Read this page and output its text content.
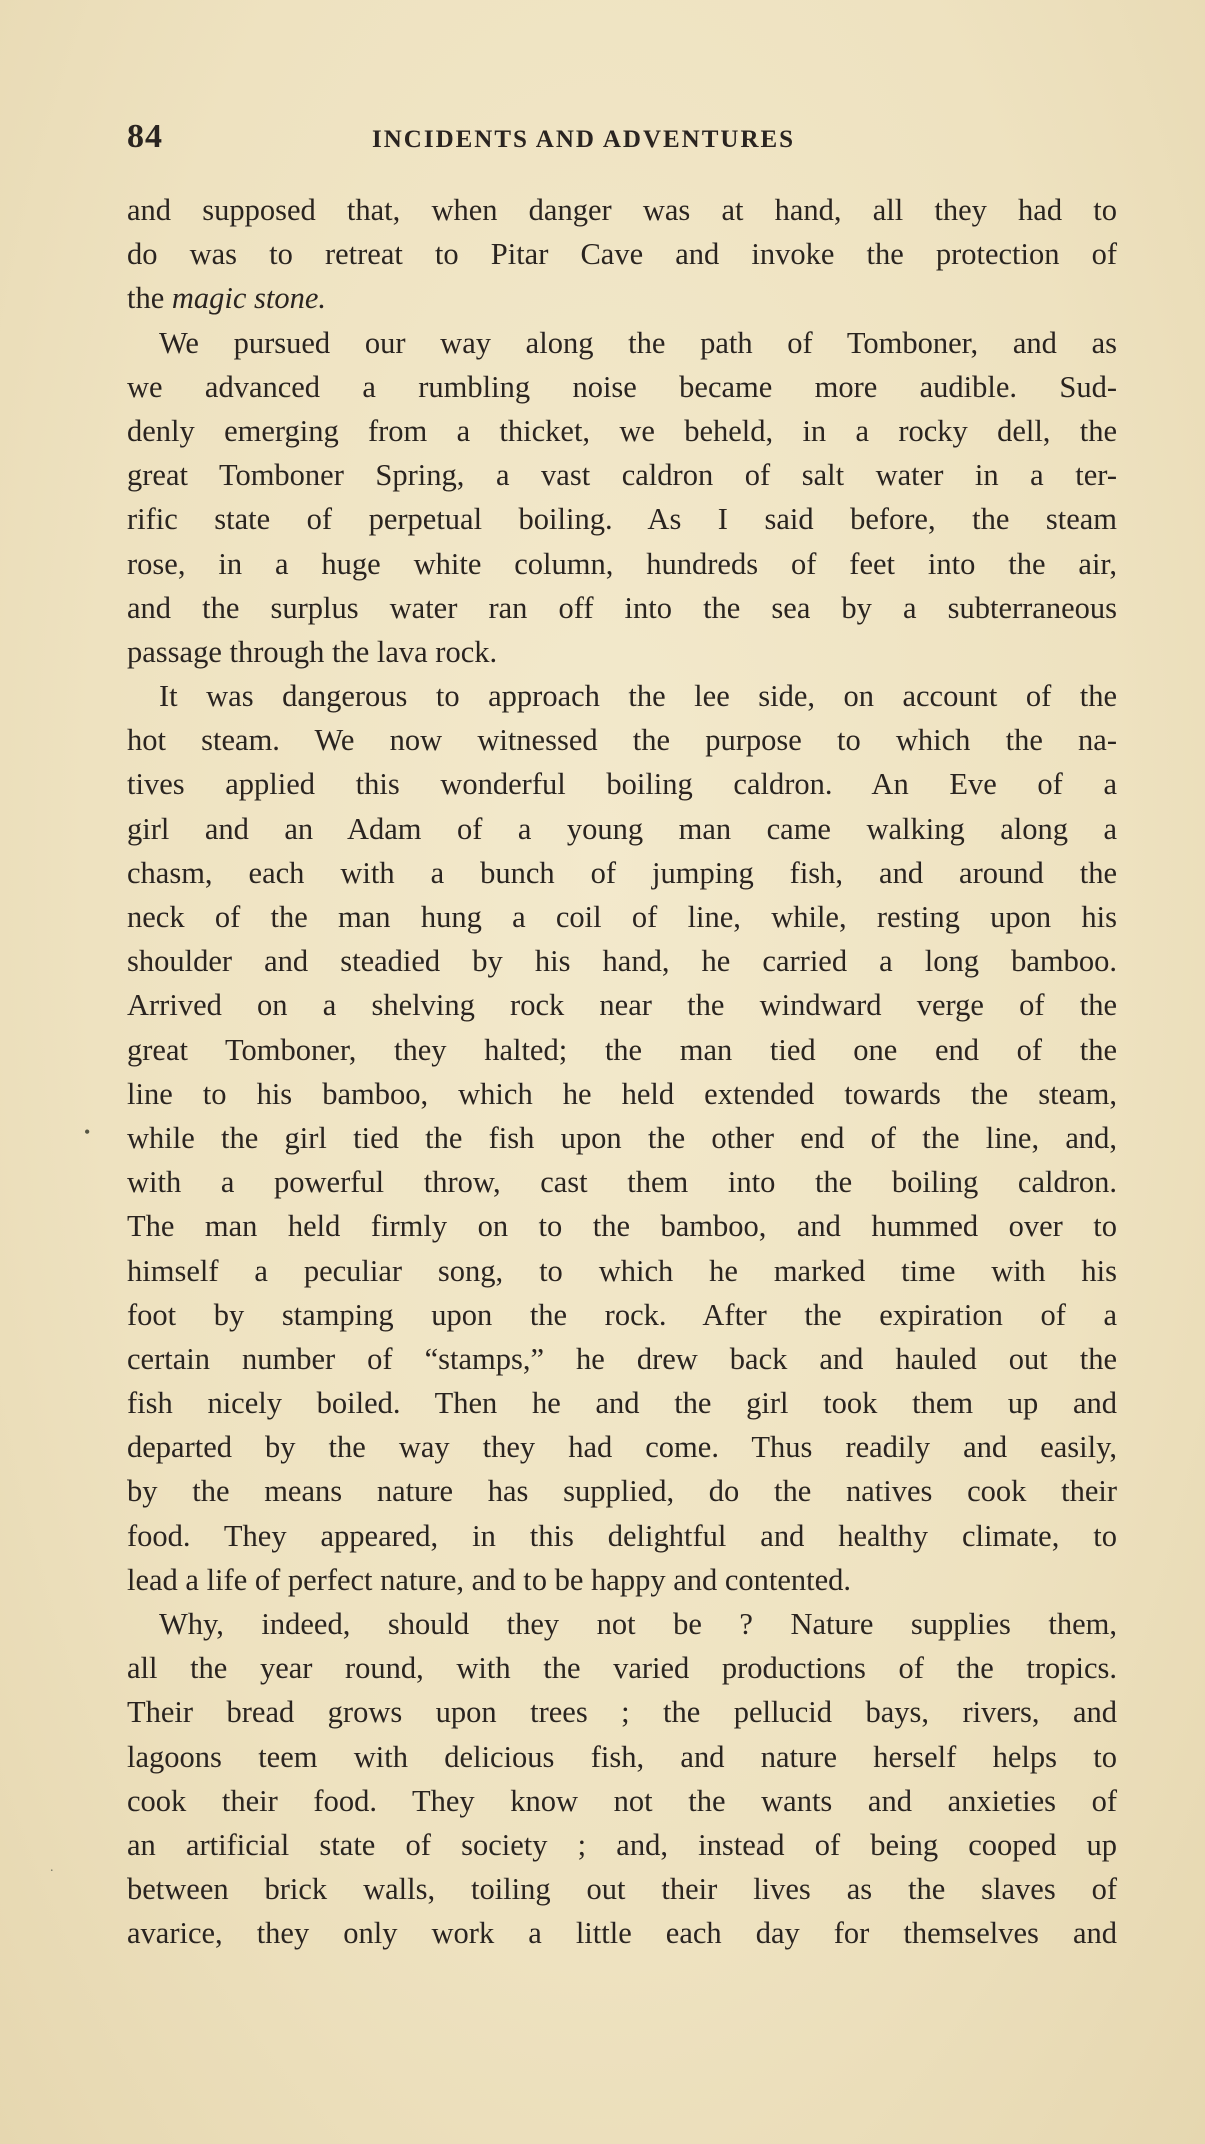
84	INCIDENTS AND ADVENTURES
•
.
and supposed that, when danger was at hand, all they had to
do was to retreat to Pitar Cave and invoke the protection of
the magic stone.
We pursued our way along the path of Tomboner, and as
we advanced a rumbling noise became more audible. Sud-
denly emerging from a thicket, we beheld, in a rocky dell, the
great Tomboner Spring, a vast caldron of salt water in a ter-
rific state of perpetual boiling. As I said before, the steam
rose, in a huge white column, hundreds of feet into the air,
and the surplus water ran off into the sea by a subterraneous
passage through the lava rock.
It was dangerous to approach the lee side, on account of the
hot steam. We now witnessed the purpose to which the na-
tives applied this wonderful boiling caldron. An Eve of a
girl and an Adam of a young man came walking along a
chasm, each with a bunch of jumping fish, and around the
neck of the man hung a coil of line, while, resting upon his
shoulder and steadied by his hand, he carried a long bamboo.
Arrived on a shelving rock near the windward verge of the
great Tomboner, they halted; the man tied one end of the
line to his bamboo, which he held extended towards the steam,
while the girl tied the fish upon the other end of the line, and,
with a powerful throw, cast them into the boiling caldron.
The man held firmly on to the bamboo, and hummed over to
himself a peculiar song, to which he marked time with his
foot by stamping upon the rock. After the expiration of a
certain number of “stamps,” he drew back and hauled out the
fish nicely boiled. Then he and the girl took them up and
departed by the way they had come. Thus readily and easily,
by the means nature has supplied, do the natives cook their
food. They appeared, in this delightful and healthy climate, to
lead a life of perfect nature, and to be happy and contented.
Why, indeed, should they not be ? Nature supplies them,
all the year round, with the varied productions of the tropics.
Their bread grows upon trees ; the pellucid bays, rivers, and
lagoons teem with delicious fish, and nature herself helps to
cook their food. They know not the wants and anxieties of
an artificial state of society ; and, instead of being cooped up
between brick walls, toiling out their lives as the slaves of
avarice, they only work a little each day for themselves and
